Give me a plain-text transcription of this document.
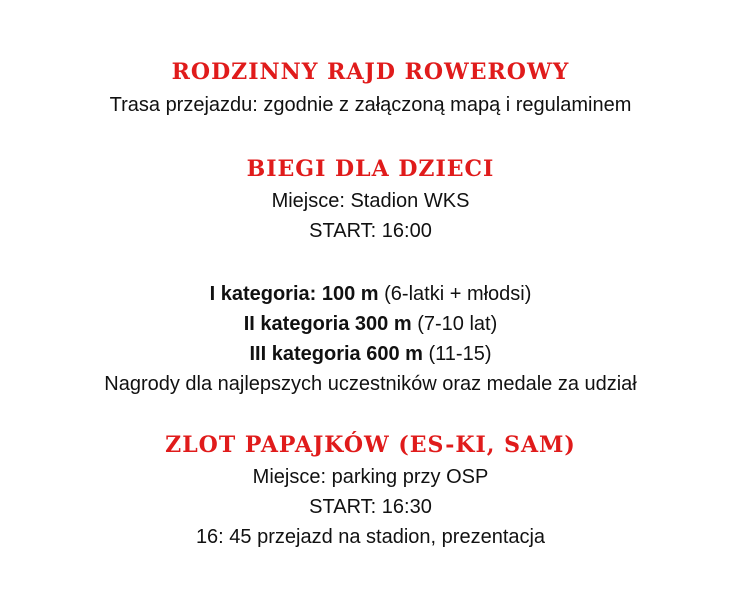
RODZINNY RAJD ROWEROWY
Trasa przejazdu: zgodnie z załączoną mapą i regulaminem
BIEGI DLA DZIECI
Miejsce: Stadion WKS
START: 16:00
I kategoria: 100 m (6-latki + młodsi)
II kategoria 300 m (7-10 lat)
III kategoria 600 m (11-15)
Nagrody dla najlepszych uczestników oraz medale za udział
ZLOT PAPAJKÓW (ES-KI, SAM)
Miejsce: parking przy OSP
START: 16:30
16: 45 przejazd na stadion, prezentacja
